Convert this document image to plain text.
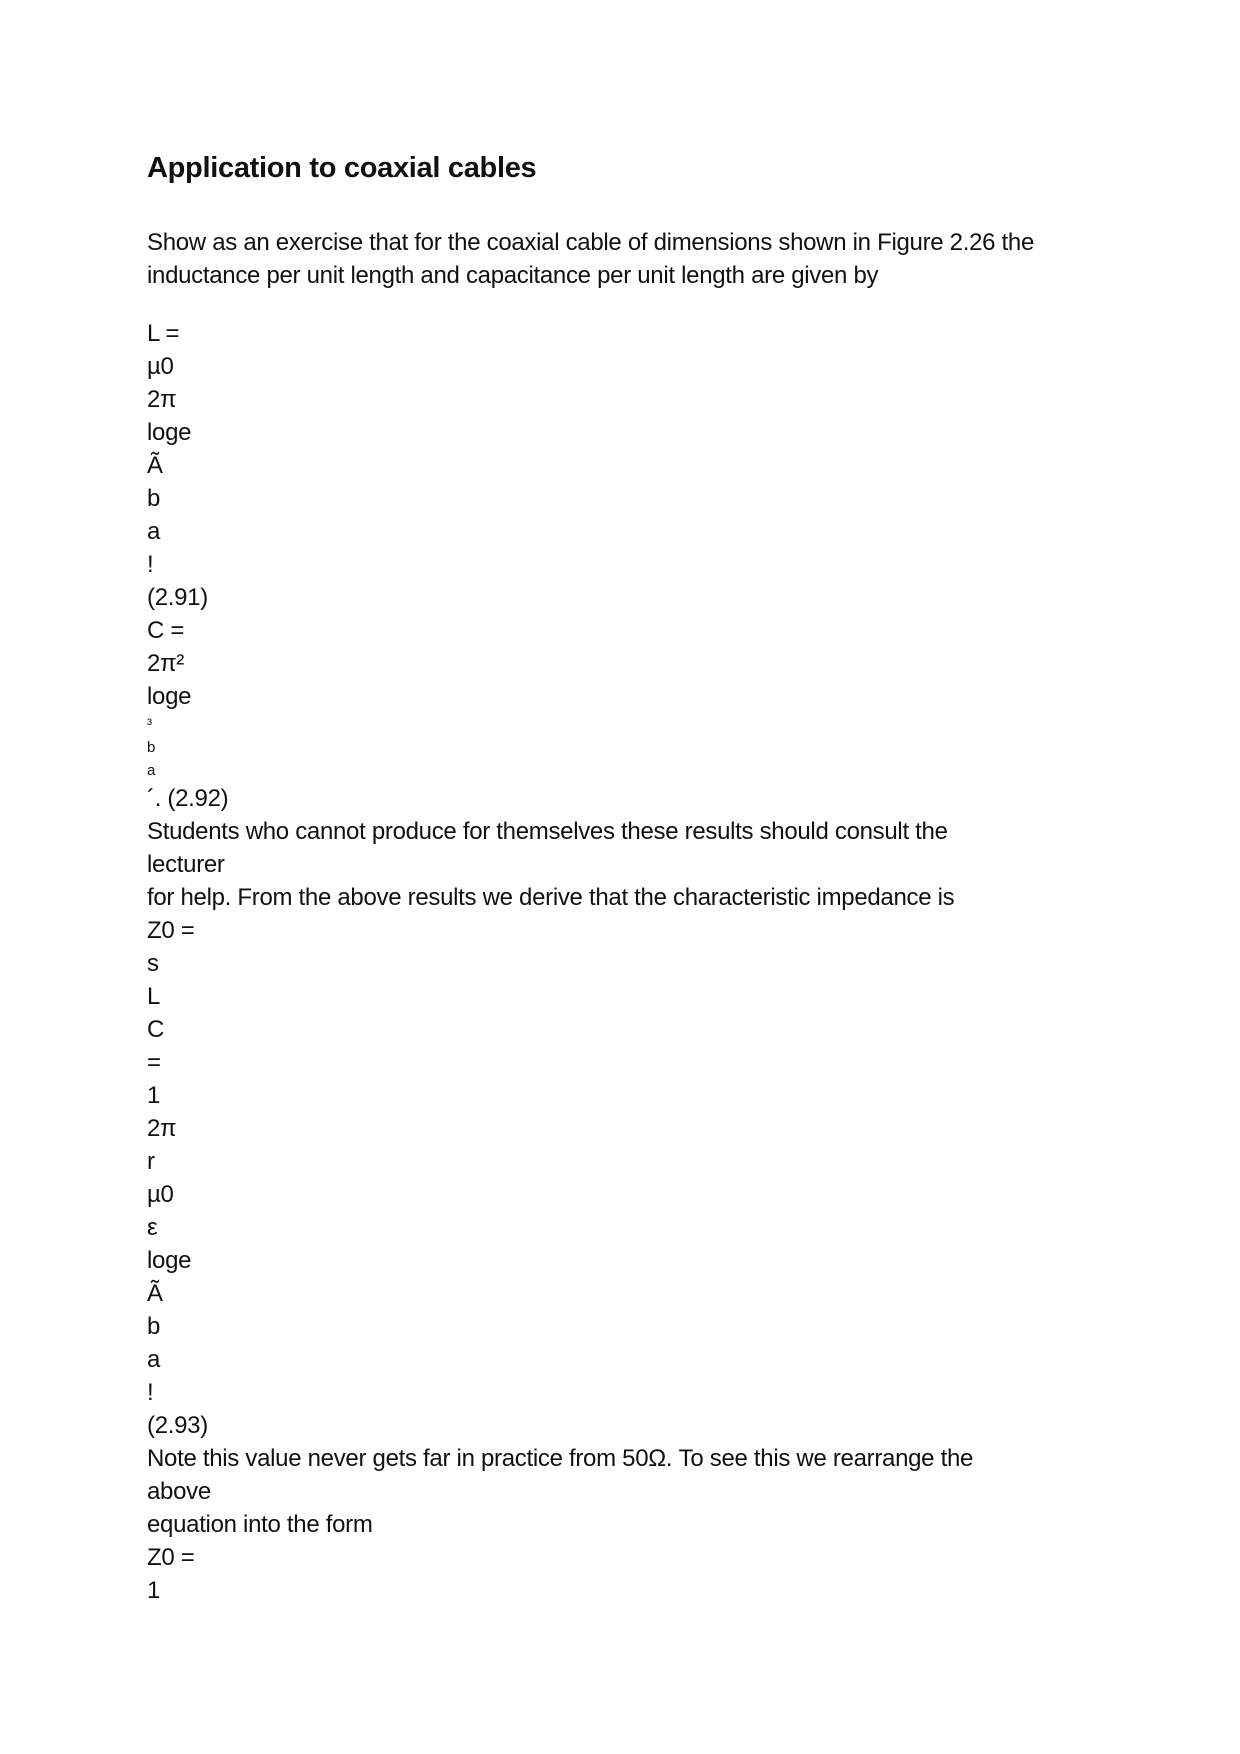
Application to coaxial cables

Show as an exercise that for the coaxial cable of dimensions shown in Figure 2.26 the
inductance per unit length and capacitance per unit length are given by

L =
µ0
2π
loge
Ã
b
a
!
(2.91)
C =
2π²
loge
³
b
a
´. (2.92)
Students who cannot produce for themselves these results should consult the
lecturer
for help. From the above results we derive that the characteristic impedance is
Z0 =
s
L
C
=
1
2π
r
µ0
ε
loge
Ã
b
a
!
(2.93)
Note this value never gets far in practice from 50Ω. To see this we rearrange the
above
equation into the form
Z0 =
1
